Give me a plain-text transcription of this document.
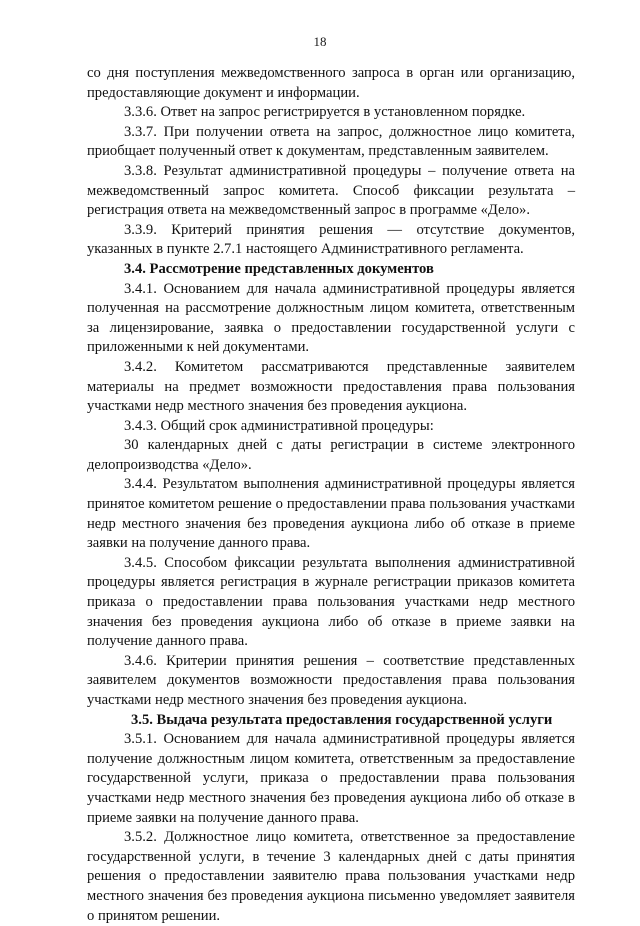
18

со дня поступления межведомственного запроса в орган или организацию, предоставляющие документ и информации.

3.3.6. Ответ на запрос регистрируется в установленном порядке.

3.3.7. При получении ответа на запрос, должностное лицо комитета, приобщает полученный ответ к документам, представленным заявителем.

3.3.8. Результат административной процедуры – получение ответа на межведомственный запрос комитета. Способ фиксации результата – регистрация ответа на межведомственный запрос в программе «Дело».

3.3.9. Критерий принятия решения — отсутствие документов, указанных в пункте 2.7.1 настоящего Административного регламента.

3.4. Рассмотрение представленных документов

3.4.1. Основанием для начала административной процедуры является полученная на рассмотрение должностным лицом комитета, ответственным за лицензирование, заявка о предоставлении государственной услуги с приложенными к ней документами.

3.4.2. Комитетом рассматриваются представленные заявителем материалы на предмет возможности предоставления права пользования участками недр местного значения без проведения аукциона.

3.4.3. Общий срок административной процедуры:

30 календарных дней с даты регистрации в системе электронного делопроизводства «Дело».

3.4.4. Результатом выполнения административной процедуры является принятое комитетом решение о предоставлении права пользования участками недр местного значения без проведения аукциона либо об отказе в приеме заявки на получение данного права.

3.4.5. Способом фиксации результата выполнения административной процедуры является регистрация в журнале регистрации приказов комитета приказа о предоставлении права пользования участками недр местного значения без проведения аукциона либо об отказе в приеме заявки на получение данного права.

3.4.6. Критерии принятия решения – соответствие представленных заявителем документов возможности предоставления права пользования участками недр местного значения без проведения аукциона.

3.5. Выдача результата предоставления государственной услуги

3.5.1. Основанием для начала административной процедуры является получение должностным лицом комитета, ответственным за предоставление государственной услуги, приказа о предоставлении права пользования участками недр местного значения без проведения аукциона либо об отказе в приеме заявки на получение данного права.

3.5.2. Должностное лицо комитета, ответственное за предоставление государственной услуги, в течение 3 календарных дней с даты принятия решения о предоставлении заявителю права пользования участками недр местного значения без проведения аукциона письменно уведомляет заявителя о принятом решении.
